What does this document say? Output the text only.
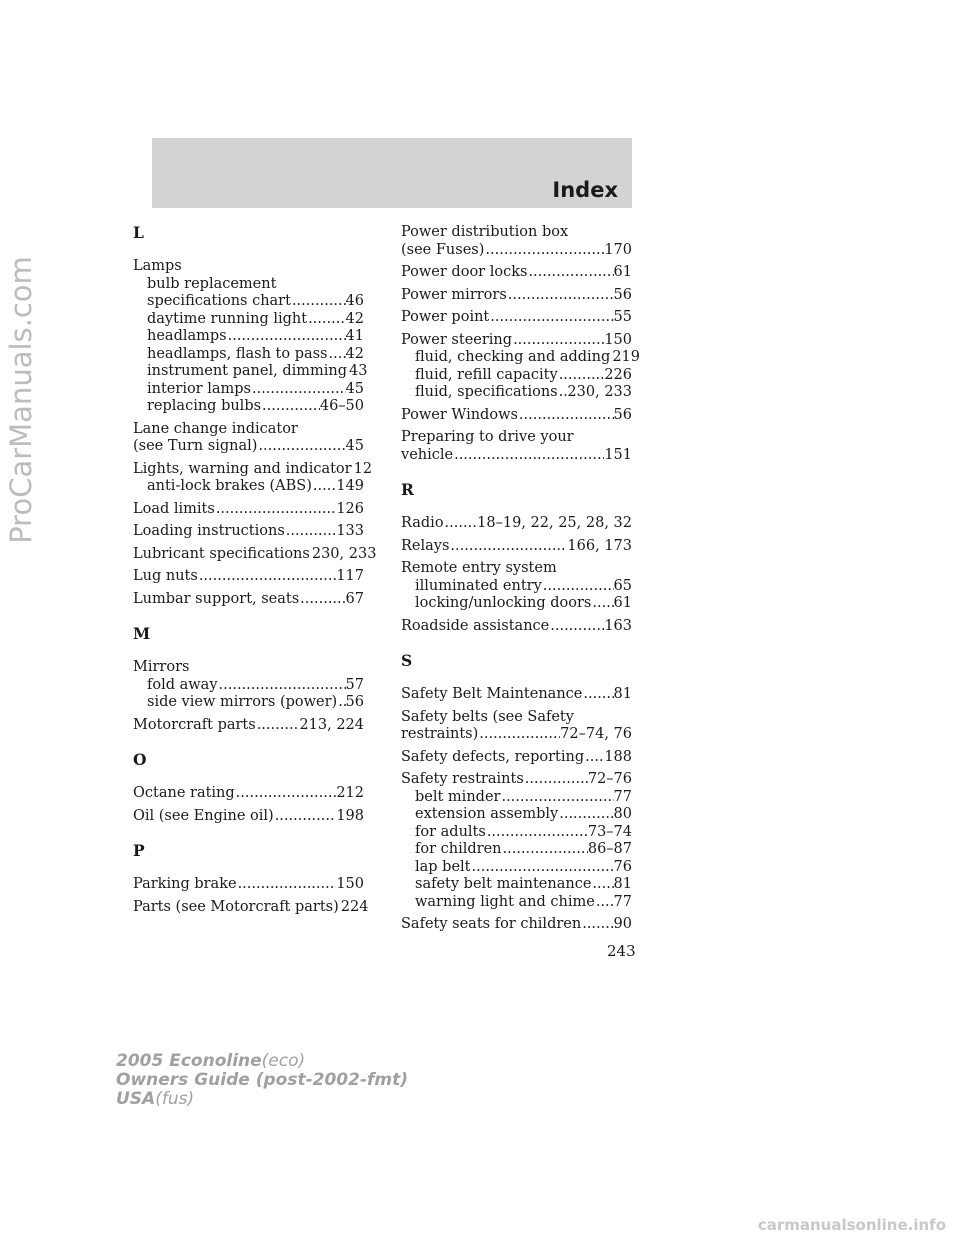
Index
L
Lamps
bulb replacement
specifications chart .....	46
daytime running light .....	42
headlamps .....	41
headlamps, flash to pass ..... 42
instrument panel, dimming ..... 43
interior lamps .....	45
replacing bulbs .....	46–50
Lane change indicator
(see Turn signal) .....	45
Lights, warning and indicator ..... 12
anti-lock brakes (ABS) ..... 149
Load limits .....	126
Loading instructions .....	133
Lubricant specifications ..... 230, 233
Lug nuts .....	117
Lumbar support, seats .....	67
M
Mirrors
fold away .....	57
side view mirrors (power) ..... 56
Motorcraft parts .....	213, 224
O
Octane rating .....	212
Oil (see Engine oil) .....	198
P
Parking brake .....	150
Parts (see Motorcraft parts) ..... 224
Power distribution box
(see Fuses) .....	170
Power door locks .....	61
Power mirrors .....	56
Power point .....	55
Power steering .....	150
fluid, checking and adding ..... 219
fluid, refill capacity .....	226
fluid, specifications ..... 230, 233
Power Windows .....	56
Preparing to drive your
vehicle .....	151
R
Radio ..... 18–19, 22, 25, 28, 32
Relays .....	166, 173
Remote entry system
illuminated entry .....	65
locking/unlocking doors ..... 61
Roadside assistance .....	163
S
Safety Belt Maintenance ..... 81
Safety belts (see Safety
restraints) .....	72–74, 76
Safety defects, reporting ..... 188
Safety restraints .....	72–76
belt minder .....	77
extension assembly .....	80
for adults .....	73–74
for children .....	86–87
lap belt .....	76
safety belt maintenance ..... 81
warning light and chime ..... 77
Safety seats for children ..... 90
243
2005 Econoline(eco)
Owners Guide (post-2002-fmt)
USA(fus)
ProCarManuals.com
carmanualsonline.info
